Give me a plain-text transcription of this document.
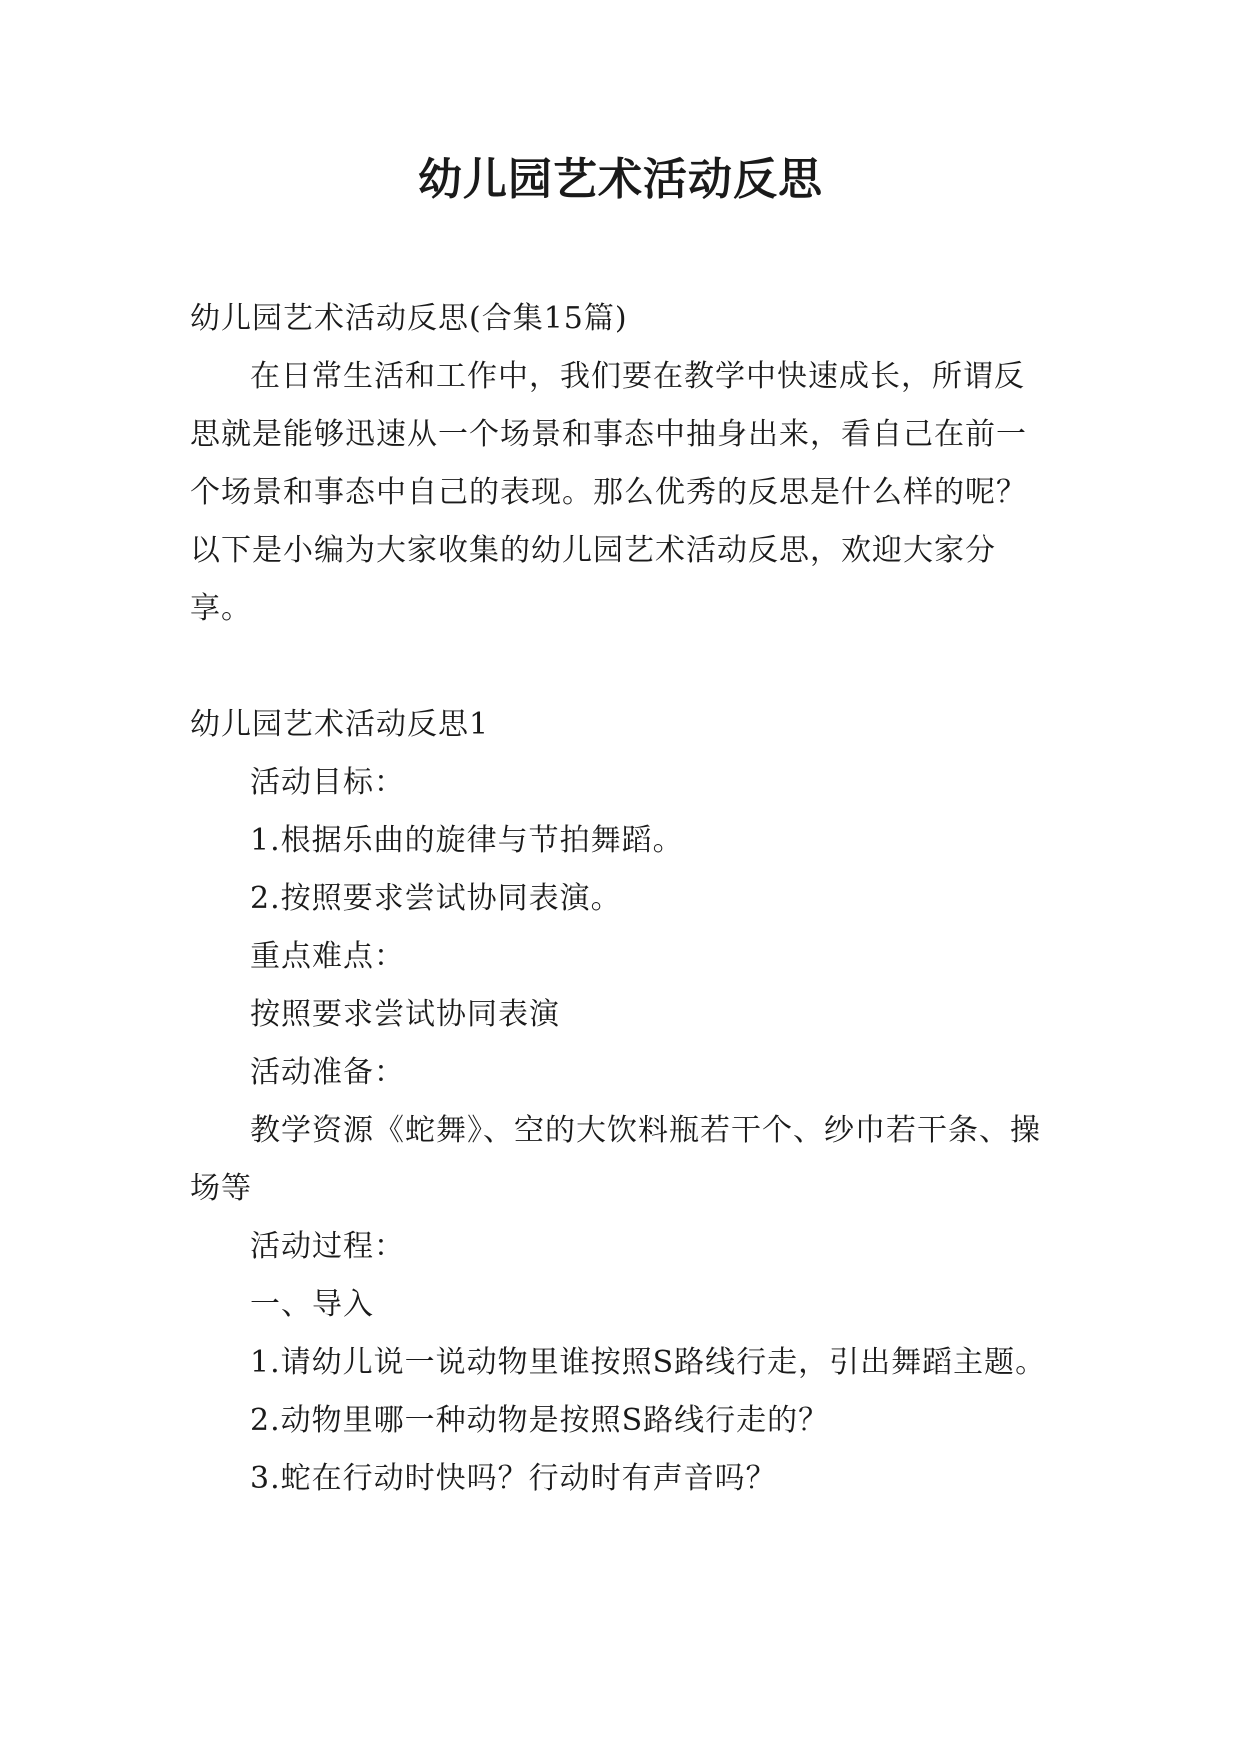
幼儿园艺术活动反思

幼儿园艺术活动反思(合集15篇)

在日常生活和工作中，我们要在教学中快速成长，所谓反思就是能够迅速从一个场景和事态中抽身出来，看自己在前一个场景和事态中自己的表现。那么优秀的反思是什么样的呢？以下是小编为大家收集的幼儿园艺术活动反思，欢迎大家分享。

幼儿园艺术活动反思1

活动目标：

1.根据乐曲的旋律与节拍舞蹈。

2.按照要求尝试协同表演。

重点难点：

按照要求尝试协同表演

活动准备：

教学资源《蛇舞》、空的大饮料瓶若干个、纱巾若干条、操场等

活动过程：

一、导入

1.请幼儿说一说动物里谁按照S路线行走，引出舞蹈主题。

2.动物里哪一种动物是按照S路线行走的？

3.蛇在行动时快吗？行动时有声音吗？
